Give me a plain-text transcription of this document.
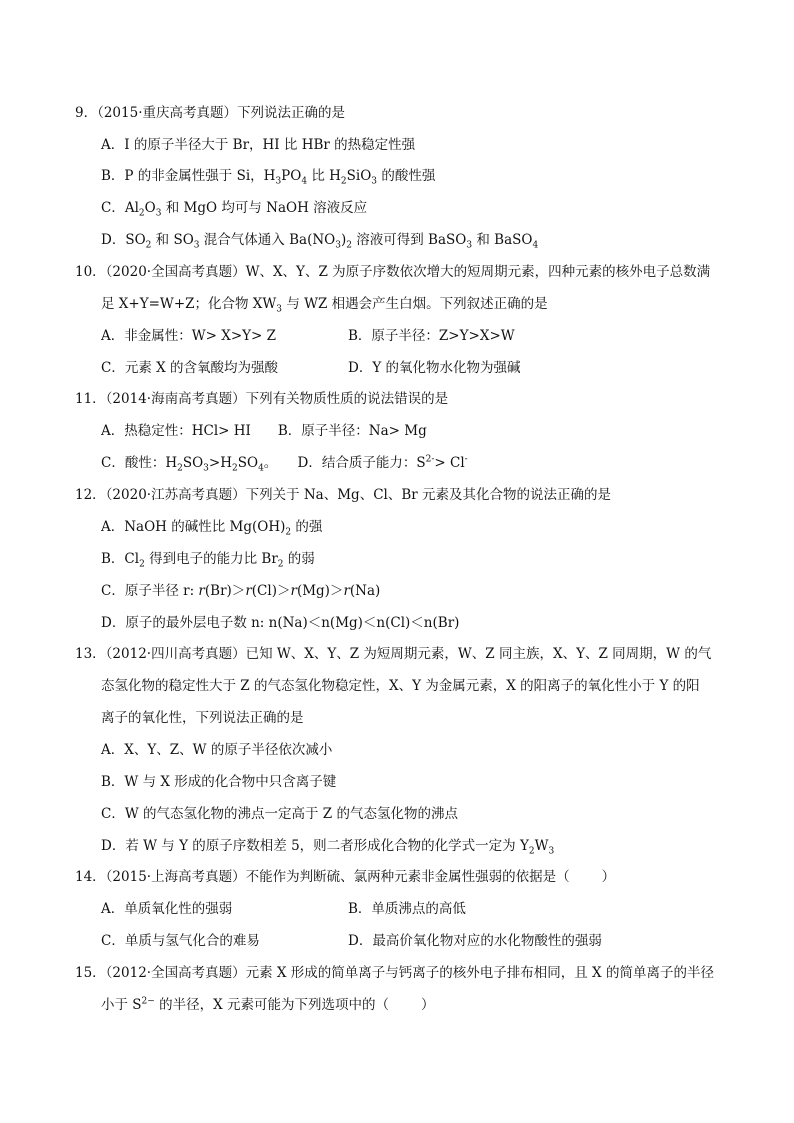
9．（2015·重庆高考真题）下列说法正确的是
A．I 的原子半径大于 Br，HI 比 HBr 的热稳定性强
B．P 的非金属性强于 Si，$H_3PO_4$ 比 $H_2SiO_3$ 的酸性强
C．$Al_2O_3$ 和 MgO 均可与 NaOH 溶液反应
D．$SO_2$ 和 $SO_3$ 混合气体通入 $Ba(NO_3)_2$ 溶液可得到 BaSO$_3$ 和 BaSO$_4$
10．（2020·全国高考真题）W、X、Y、Z 为原子序数依次增大的短周期元素，四种元素的核外电子总数满
足 X+Y=W+Z；化合物 $XW_3$ 与 WZ 相遇会产生白烟。下列叙述正确的是
A．非金属性：W> X>Y> Z	B．原子半径：Z>Y>X>W
C．元素 X 的含氧酸均为强酸	D．Y 的氧化物水化物为强碱
11．（2014·海南高考真题）下列有关物质性质的说法错误的是
A．热稳定性：HCl> HI　　B．原子半径：Na> Mg
C．酸性：$H_2SO_3>H_2SO_4$。　　D．结合质子能力：$S^{2-}> Cl^-$
12．（2020·江苏高考真题）下列关于 Na、Mg、Cl、Br 元素及其化合物的说法正确的是
A．NaOH 的碱性比 $Mg(OH)_2$ 的强
B．$Cl_2$ 得到电子的能力比 $Br_2$ 的弱
C．原子半径 r: r(Br)＞r(Cl)＞r(Mg)＞r(Na)
D．原子的最外层电子数 n: n(Na)＜n(Mg)＜n(Cl)＜n(Br)
13．（2012·四川高考真题）已知 W、X、Y、Z 为短周期元素，W、Z 同主族，X、Y、Z 同周期，W 的气
态氢化物的稳定性大于 Z 的气态氢化物稳定性，X、Y 为金属元素，X 的阳离子的氧化性小于 Y 的阳
离子的氧化性，下列说法正确的是
A．X、Y、Z、W 的原子半径依次减小
B．W 与 X 形成的化合物中只含离子键
C．W 的气态氢化物的沸点一定高于 Z 的气态氢化物的沸点
D．若 W 与 Y 的原子序数相差 5，则二者形成化合物的化学式一定为 $Y_2W_3$
14．（2015·上海高考真题）不能作为判断硫、氯两种元素非金属性强弱的依据是（ ）
A．单质氧化性的强弱	B．单质沸点的高低
C．单质与氢气化合的难易	D．最高价氧化物对应的水化物酸性的强弱
15．（2012·全国高考真题）元素 X 形成的简单离子与钙离子的核外电子排布相同，且 X 的简单离子的半径
小于 $S^{2-}$ 的半径，X 元素可能为下列选项中的（ ）
